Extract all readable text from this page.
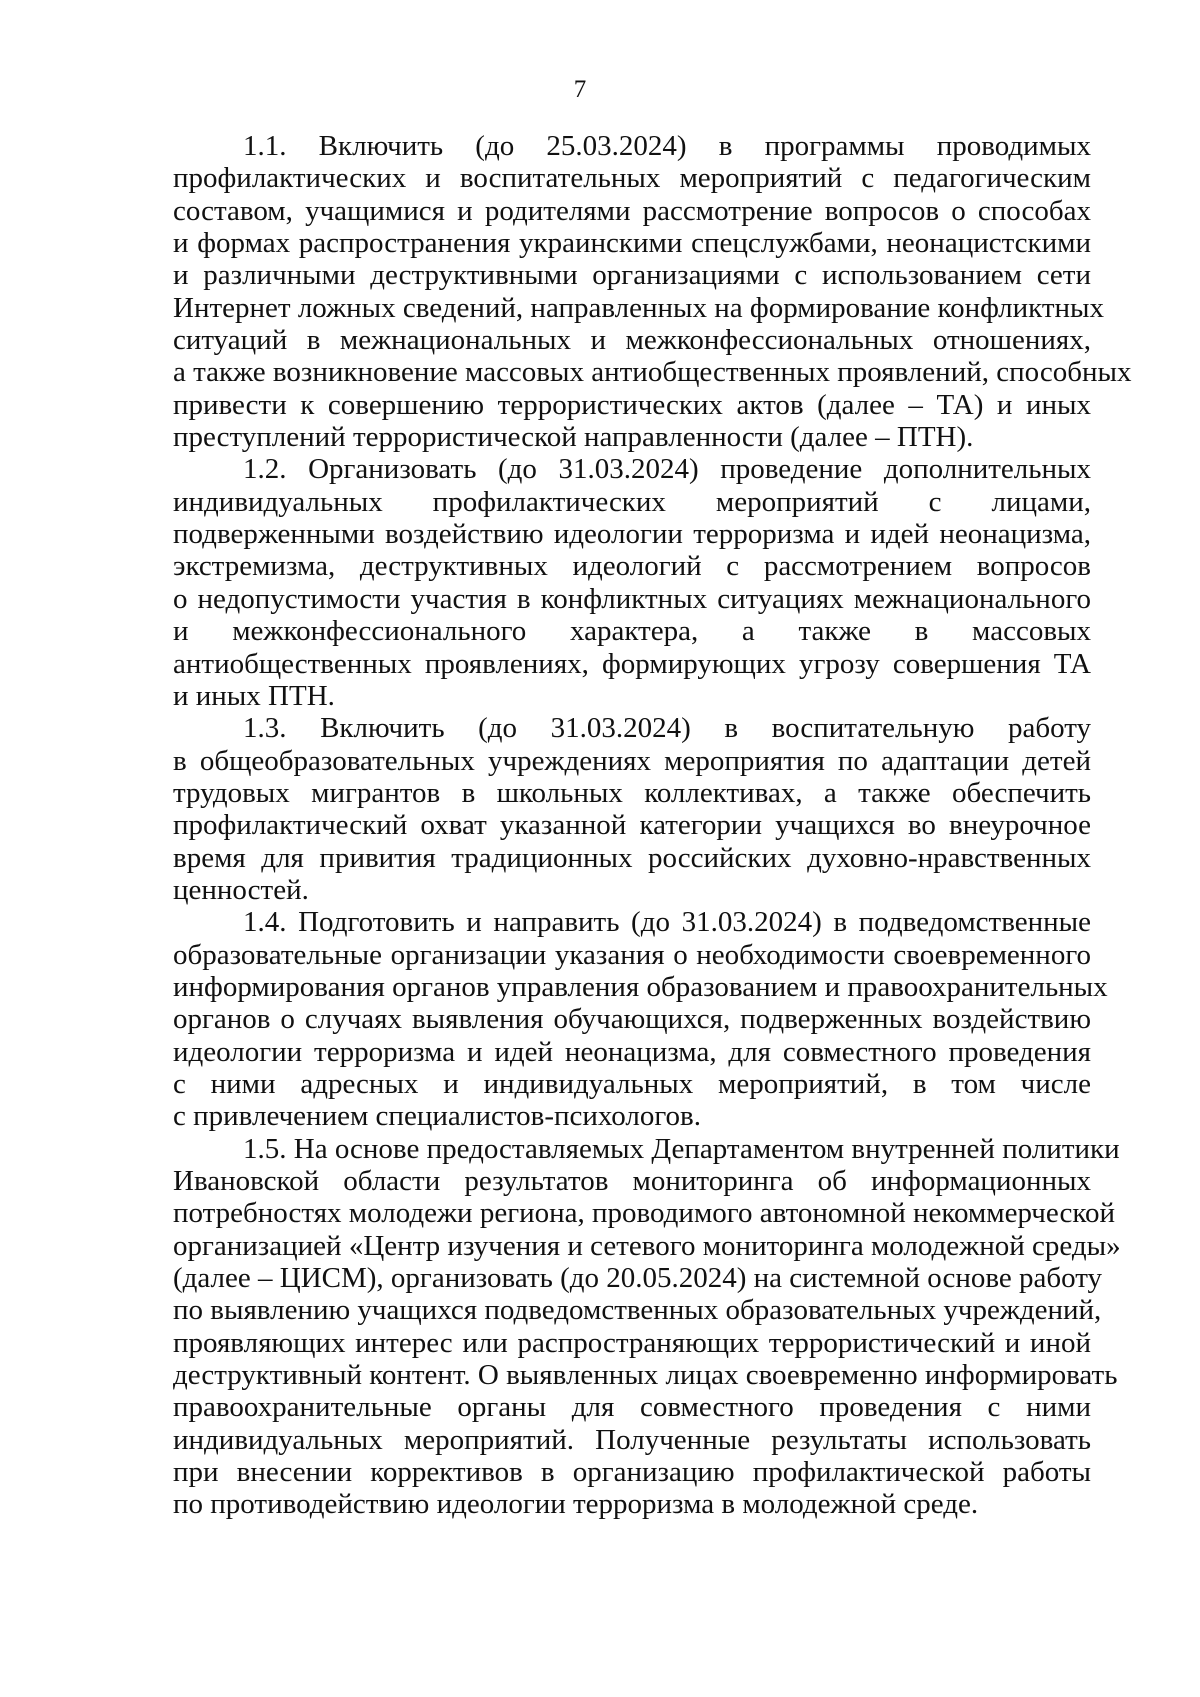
7
1.1. Включить (до 25.03.2024) в программы проводимых
профилактических и воспитательных мероприятий с педагогическим
составом, учащимися и родителями рассмотрение вопросов о способах
и формах распространения украинскими спецслужбами, неонацистскими
и различными деструктивными организациями с использованием сети
Интернет ложных сведений, направленных на формирование конфликтных
ситуаций в межнациональных и межконфессиональных отношениях,
а также возникновение массовых антиобщественных проявлений, способных
привести к совершению террористических актов (далее – ТА) и иных
преступлений террористической направленности (далее – ПТН).
1.2. Организовать (до 31.03.2024) проведение дополнительных
индивидуальных профилактических мероприятий с лицами,
подверженными воздействию идеологии терроризма и идей неонацизма,
экстремизма, деструктивных идеологий с рассмотрением вопросов
о недопустимости участия в конфликтных ситуациях межнационального
и межконфессионального характера, а также в массовых
антиобщественных проявлениях, формирующих угрозу совершения ТА
и иных ПТН.
1.3. Включить (до 31.03.2024) в воспитательную работу
в общеобразовательных учреждениях мероприятия по адаптации детей
трудовых мигрантов в школьных коллективах, а также обеспечить
профилактический охват указанной категории учащихся во внеурочное
время для привития традиционных российских духовно-нравственных
ценностей.
1.4. Подготовить и направить (до 31.03.2024) в подведомственные
образовательные организации указания о необходимости своевременного
информирования органов управления образованием и правоохранительных
органов о случаях выявления обучающихся, подверженных воздействию
идеологии терроризма и идей неонацизма, для совместного проведения
с ними адресных и индивидуальных мероприятий, в том числе
с привлечением специалистов-психологов.
1.5. На основе предоставляемых Департаментом внутренней политики
Ивановской области результатов мониторинга об информационных
потребностях молодежи региона, проводимого автономной некоммерческой
организацией «Центр изучения и сетевого мониторинга молодежной среды»
(далее – ЦИСМ), организовать (до 20.05.2024) на системной основе работу
по выявлению учащихся подведомственных образовательных учреждений,
проявляющих интерес или распространяющих террористический и иной
деструктивный контент. О выявленных лицах своевременно информировать
правоохранительные органы для совместного проведения с ними
индивидуальных мероприятий. Полученные результаты использовать
при внесении коррективов в организацию профилактической работы
по противодействию идеологии терроризма в молодежной среде.
